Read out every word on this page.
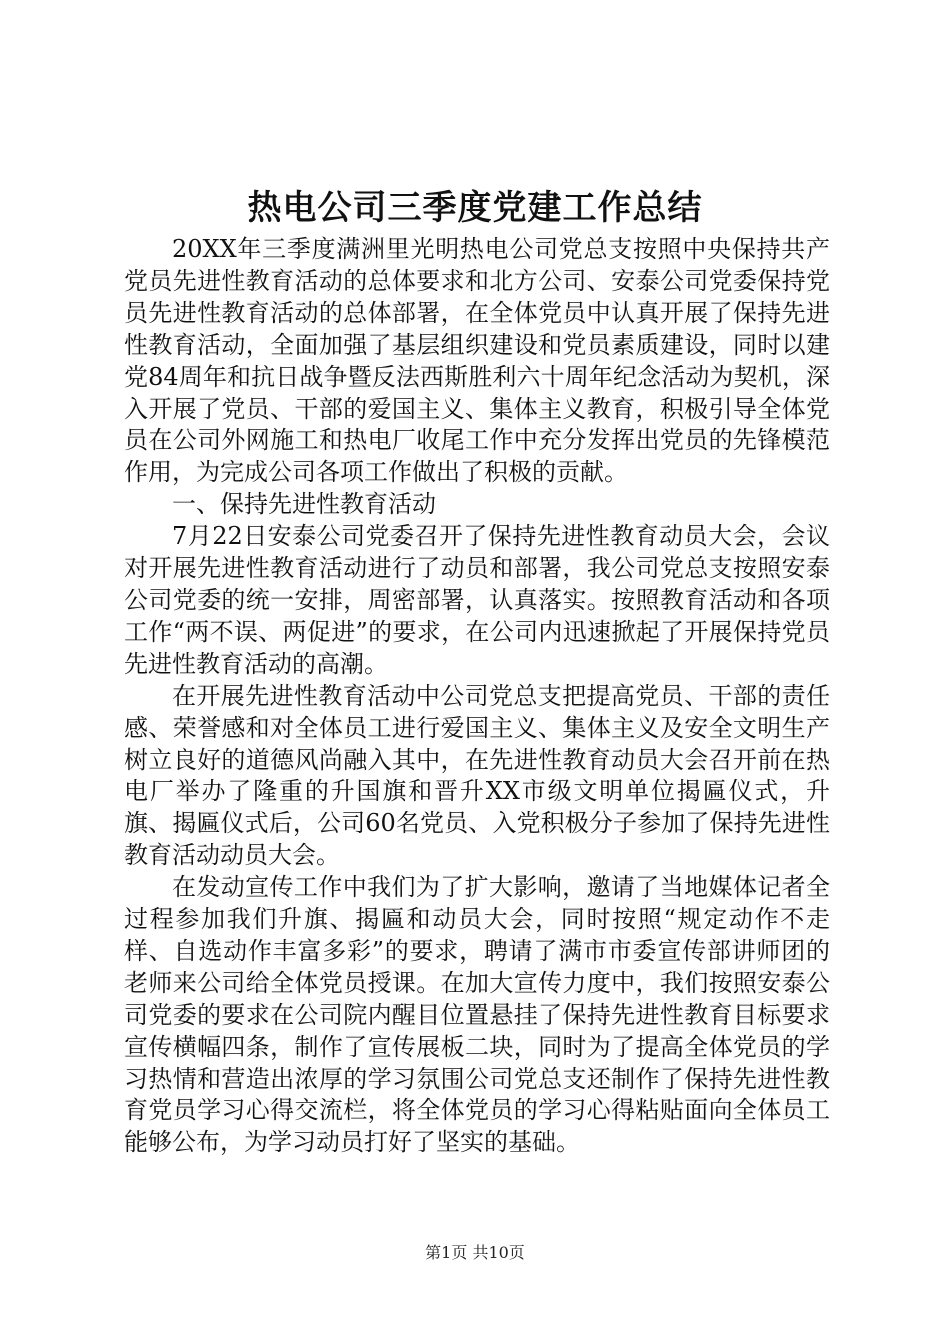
热电公司三季度党建工作总结

20XX年三季度满洲里光明热电公司党总支按照中央保持共产党员先进性教育活动的总体要求和北方公司、安泰公司党委保持党员先进性教育活动的总体部署，在全体党员中认真开展了保持先进性教育活动，全面加强了基层组织建设和党员素质建设，同时以建党84周年和抗日战争暨反法西斯胜利六十周年纪念活动为契机，深入开展了党员、干部的爱国主义、集体主义教育，积极引导全体党员在公司外网施工和热电厂收尾工作中充分发挥出党员的先锋模范作用，为完成公司各项工作做出了积极的贡献。

一、保持先进性教育活动

7月22日安泰公司党委召开了保持先进性教育动员大会，会议对开展先进性教育活动进行了动员和部署，我公司党总支按照安泰公司党委的统一安排，周密部署，认真落实。按照教育活动和各项工作“两不误、两促进”的要求，在公司内迅速掀起了开展保持党员先进性教育活动的高潮。

在开展先进性教育活动中公司党总支把提高党员、干部的责任感、荣誉感和对全体员工进行爱国主义、集体主义及安全文明生产树立良好的道德风尚融入其中，在先进性教育动员大会召开前在热电厂举办了隆重的升国旗和晋升XX市级文明单位揭匾仪式，升旗、揭匾仪式后，公司60名党员、入党积极分子参加了保持先进性教育活动动员大会。

在发动宣传工作中我们为了扩大影响，邀请了当地媒体记者全过程参加我们升旗、揭匾和动员大会，同时按照“规定动作不走样、自选动作丰富多彩”的要求，聘请了满市市委宣传部讲师团的老师来公司给全体党员授课。在加大宣传力度中，我们按照安泰公司党委的要求在公司院内醒目位置悬挂了保持先进性教育目标要求宣传横幅四条，制作了宣传展板二块，同时为了提高全体党员的学习热情和营造出浓厚的学习氛围公司党总支还制作了保持先进性教育党员学习心得交流栏，将全体党员的学习心得粘贴面向全体员工能够公布，为学习动员打好了坚实的基础。

第1页 共10页
